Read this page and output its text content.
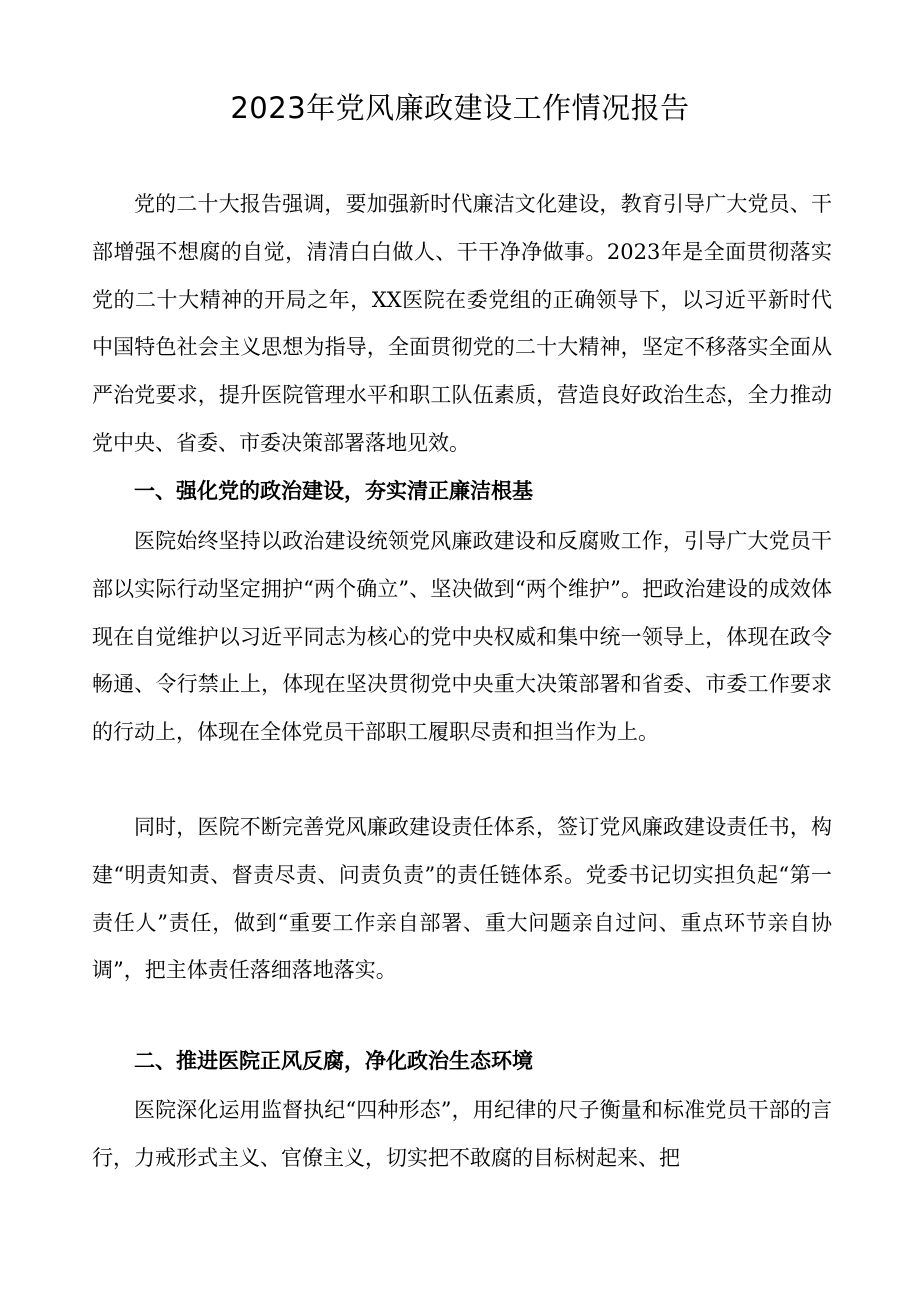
2023年党风廉政建设工作情况报告

党的二十大报告强调，要加强新时代廉洁文化建设，教育引导广大党员、干部增强不想腐的自觉，清清白白做人、干干净净做事。2023年是全面贯彻落实党的二十大精神的开局之年，XX医院在委党组的正确领导下，以习近平新时代中国特色社会主义思想为指导，全面贯彻党的二十大精神，坚定不移落实全面从严治党要求，提升医院管理水平和职工队伍素质，营造良好政治生态，全力推动党中央、省委、市委决策部署落地见效。

一、强化党的政治建设，夯实清正廉洁根基

医院始终坚持以政治建设统领党风廉政建设和反腐败工作，引导广大党员干部以实际行动坚定拥护“两个确立”、坚决做到“两个维护”。把政治建设的成效体现在自觉维护以习近平同志为核心的党中央权威和集中统一领导上，体现在政令畅通、令行禁止上，体现在坚决贯彻党中央重大决策部署和省委、市委工作要求的行动上，体现在全体党员干部职工履职尽责和担当作为上。

同时，医院不断完善党风廉政建设责任体系，签订党风廉政建设责任书，构建“明责知责、督责尽责、问责负责”的责任链体系。党委书记切实担负起“第一责任人”责任，做到“重要工作亲自部署、重大问题亲自过问、重点环节亲自协调”，把主体责任落细落地落实。

二、推进医院正风反腐，净化政治生态环境

医院深化运用监督执纪“四种形态”，用纪律的尺子衡量和标准党员干部的言行，力戒形式主义、官僚主义，切实把不敢腐的目标树起来、把
